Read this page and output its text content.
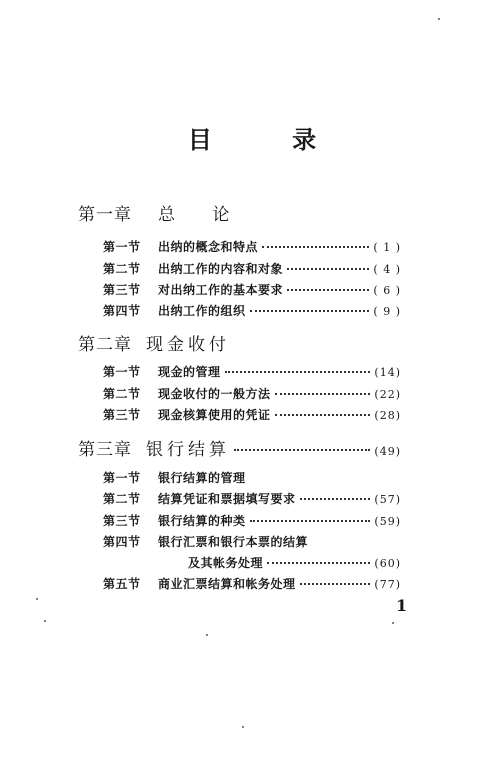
目 录
第一章 总 论
第一节	出纳的概念和特点	( 1 )
第二节	出纳工作的内容和对象	( 4 )
第三节	对出纳工作的基本要求	( 6 )
第四节	出纳工作的组织	( 9 )
第二章 现金收付
第一节	现金的管理	(14)
第二节	现金收付的一般方法	(22)
第三节	现金核算使用的凭证	(28)
第三章 银行结算	(49)
第一节	银行结算的管理
第二节	结算凭证和票据填写要求	(57)
第三节	银行结算的种类	(59)
第四节	银行汇票和银行本票的结算
及其帐务处理	(60)
第五节	商业汇票结算和帐务处理	(77)
1
